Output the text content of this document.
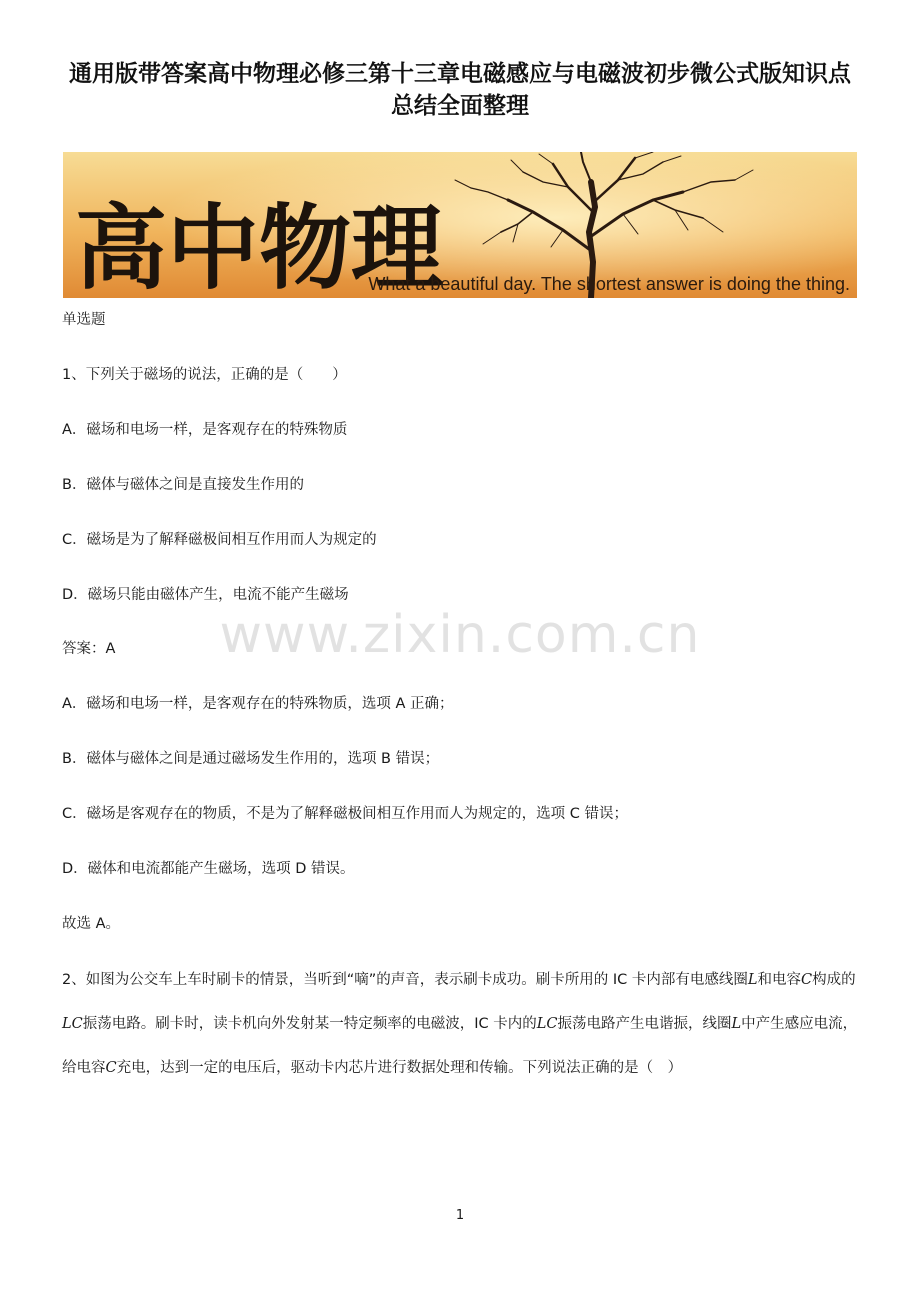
通用版带答案高中物理必修三第十三章电磁感应与电磁波初步微公式版知识点
总结全面整理
高中物理
What a beautiful day. The shortest answer is doing the thing.
单选题
1、下列关于磁场的说法，正确的是（　　）
A．磁场和电场一样，是客观存在的特殊物质
B．磁体与磁体之间是直接发生作用的
C．磁场是为了解释磁极间相互作用而人为规定的
D．磁场只能由磁体产生，电流不能产生磁场
答案：A
A．磁场和电场一样，是客观存在的特殊物质，选项 A 正确；
B．磁体与磁体之间是通过磁场发生作用的，选项 B 错误；
C．磁场是客观存在的物质，不是为了解释磁极间相互作用而人为规定的，选项 C 错误；
D．磁体和电流都能产生磁场，选项 D 错误。
故选 A。
2、如图为公交车上车时刷卡的情景，当听到“嘀”的声音，表示刷卡成功。刷卡所用的 IC 卡内部有电感线圈L和电容C构成的LC振荡电路。刷卡时，读卡机向外发射某一特定频率的电磁波，IC 卡内的LC振荡电路产生电谐振，线圈L中产生感应电流，给电容C充电，达到一定的电压后，驱动卡内芯片进行数据处理和传输。下列说法正确的是（　）
www.zixin.com.cn
1
